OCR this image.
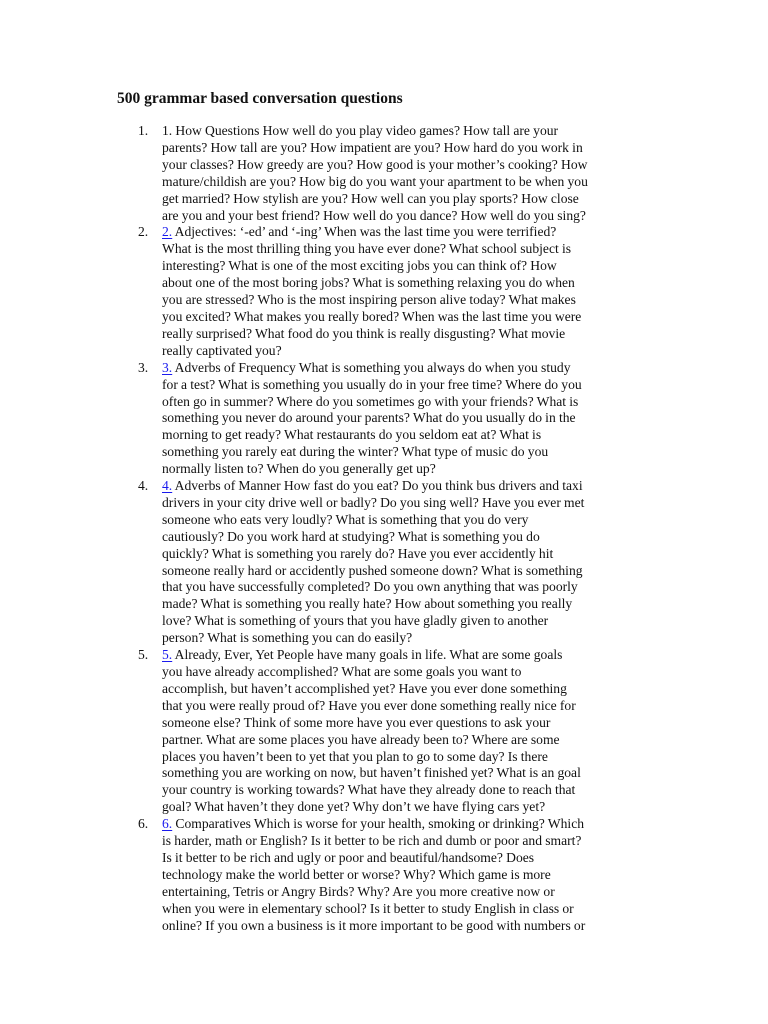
500 grammar based conversation questions
1.	1. How Questions How well do you play video games? How tall are your
parents? How tall are you? How impatient are you? How hard do you work in
your classes? How greedy are you? How good is your mother’s cooking? How
mature/childish are you? How big do you want your apartment to be when you
get married? How stylish are you? How well can you play sports? How close
are you and your best friend? How well do you dance? How well do you sing?
2.	2. Adjectives: ‘-ed’ and ‘-ing’ When was the last time you were terrified?
What is the most thrilling thing you have ever done? What school subject is
interesting? What is one of the most exciting jobs you can think of? How
about one of the most boring jobs? What is something relaxing you do when
you are stressed? Who is the most inspiring person alive today? What makes
you excited? What makes you really bored? When was the last time you were
really surprised? What food do you think is really disgusting? What movie
really captivated you?
3.	3. Adverbs of Frequency What is something you always do when you study
for a test? What is something you usually do in your free time? Where do you
often go in summer? Where do you sometimes go with your friends? What is
something you never do around your parents? What do you usually do in the
morning to get ready? What restaurants do you seldom eat at? What is
something you rarely eat during the winter? What type of music do you
normally listen to? When do you generally get up?
4.	4. Adverbs of Manner How fast do you eat? Do you think bus drivers and taxi
drivers in your city drive well or badly? Do you sing well? Have you ever met
someone who eats very loudly? What is something that you do very
cautiously? Do you work hard at studying? What is something you do
quickly? What is something you rarely do? Have you ever accidently hit
someone really hard or accidently pushed someone down? What is something
that you have successfully completed? Do you own anything that was poorly
made? What is something you really hate? How about something you really
love? What is something of yours that you have gladly given to another
person? What is something you can do easily?
5.	5. Already, Ever, Yet People have many goals in life. What are some goals
you have already accomplished? What are some goals you want to
accomplish, but haven’t accomplished yet? Have you ever done something
that you were really proud of? Have you ever done something really nice for
someone else? Think of some more have you ever questions to ask your
partner. What are some places you have already been to? Where are some
places you haven’t been to yet that you plan to go to some day? Is there
something you are working on now, but haven’t finished yet? What is an goal
your country is working towards? What have they already done to reach that
goal? What haven’t they done yet? Why don’t we have flying cars yet?
6.	6. Comparatives Which is worse for your health, smoking or drinking? Which
is harder, math or English? Is it better to be rich and dumb or poor and smart?
Is it better to be rich and ugly or poor and beautiful/handsome? Does
technology make the world better or worse? Why? Which game is more
entertaining, Tetris or Angry Birds? Why? Are you more creative now or
when you were in elementary school? Is it better to study English in class or
online? If you own a business is it more important to be good with numbers or
